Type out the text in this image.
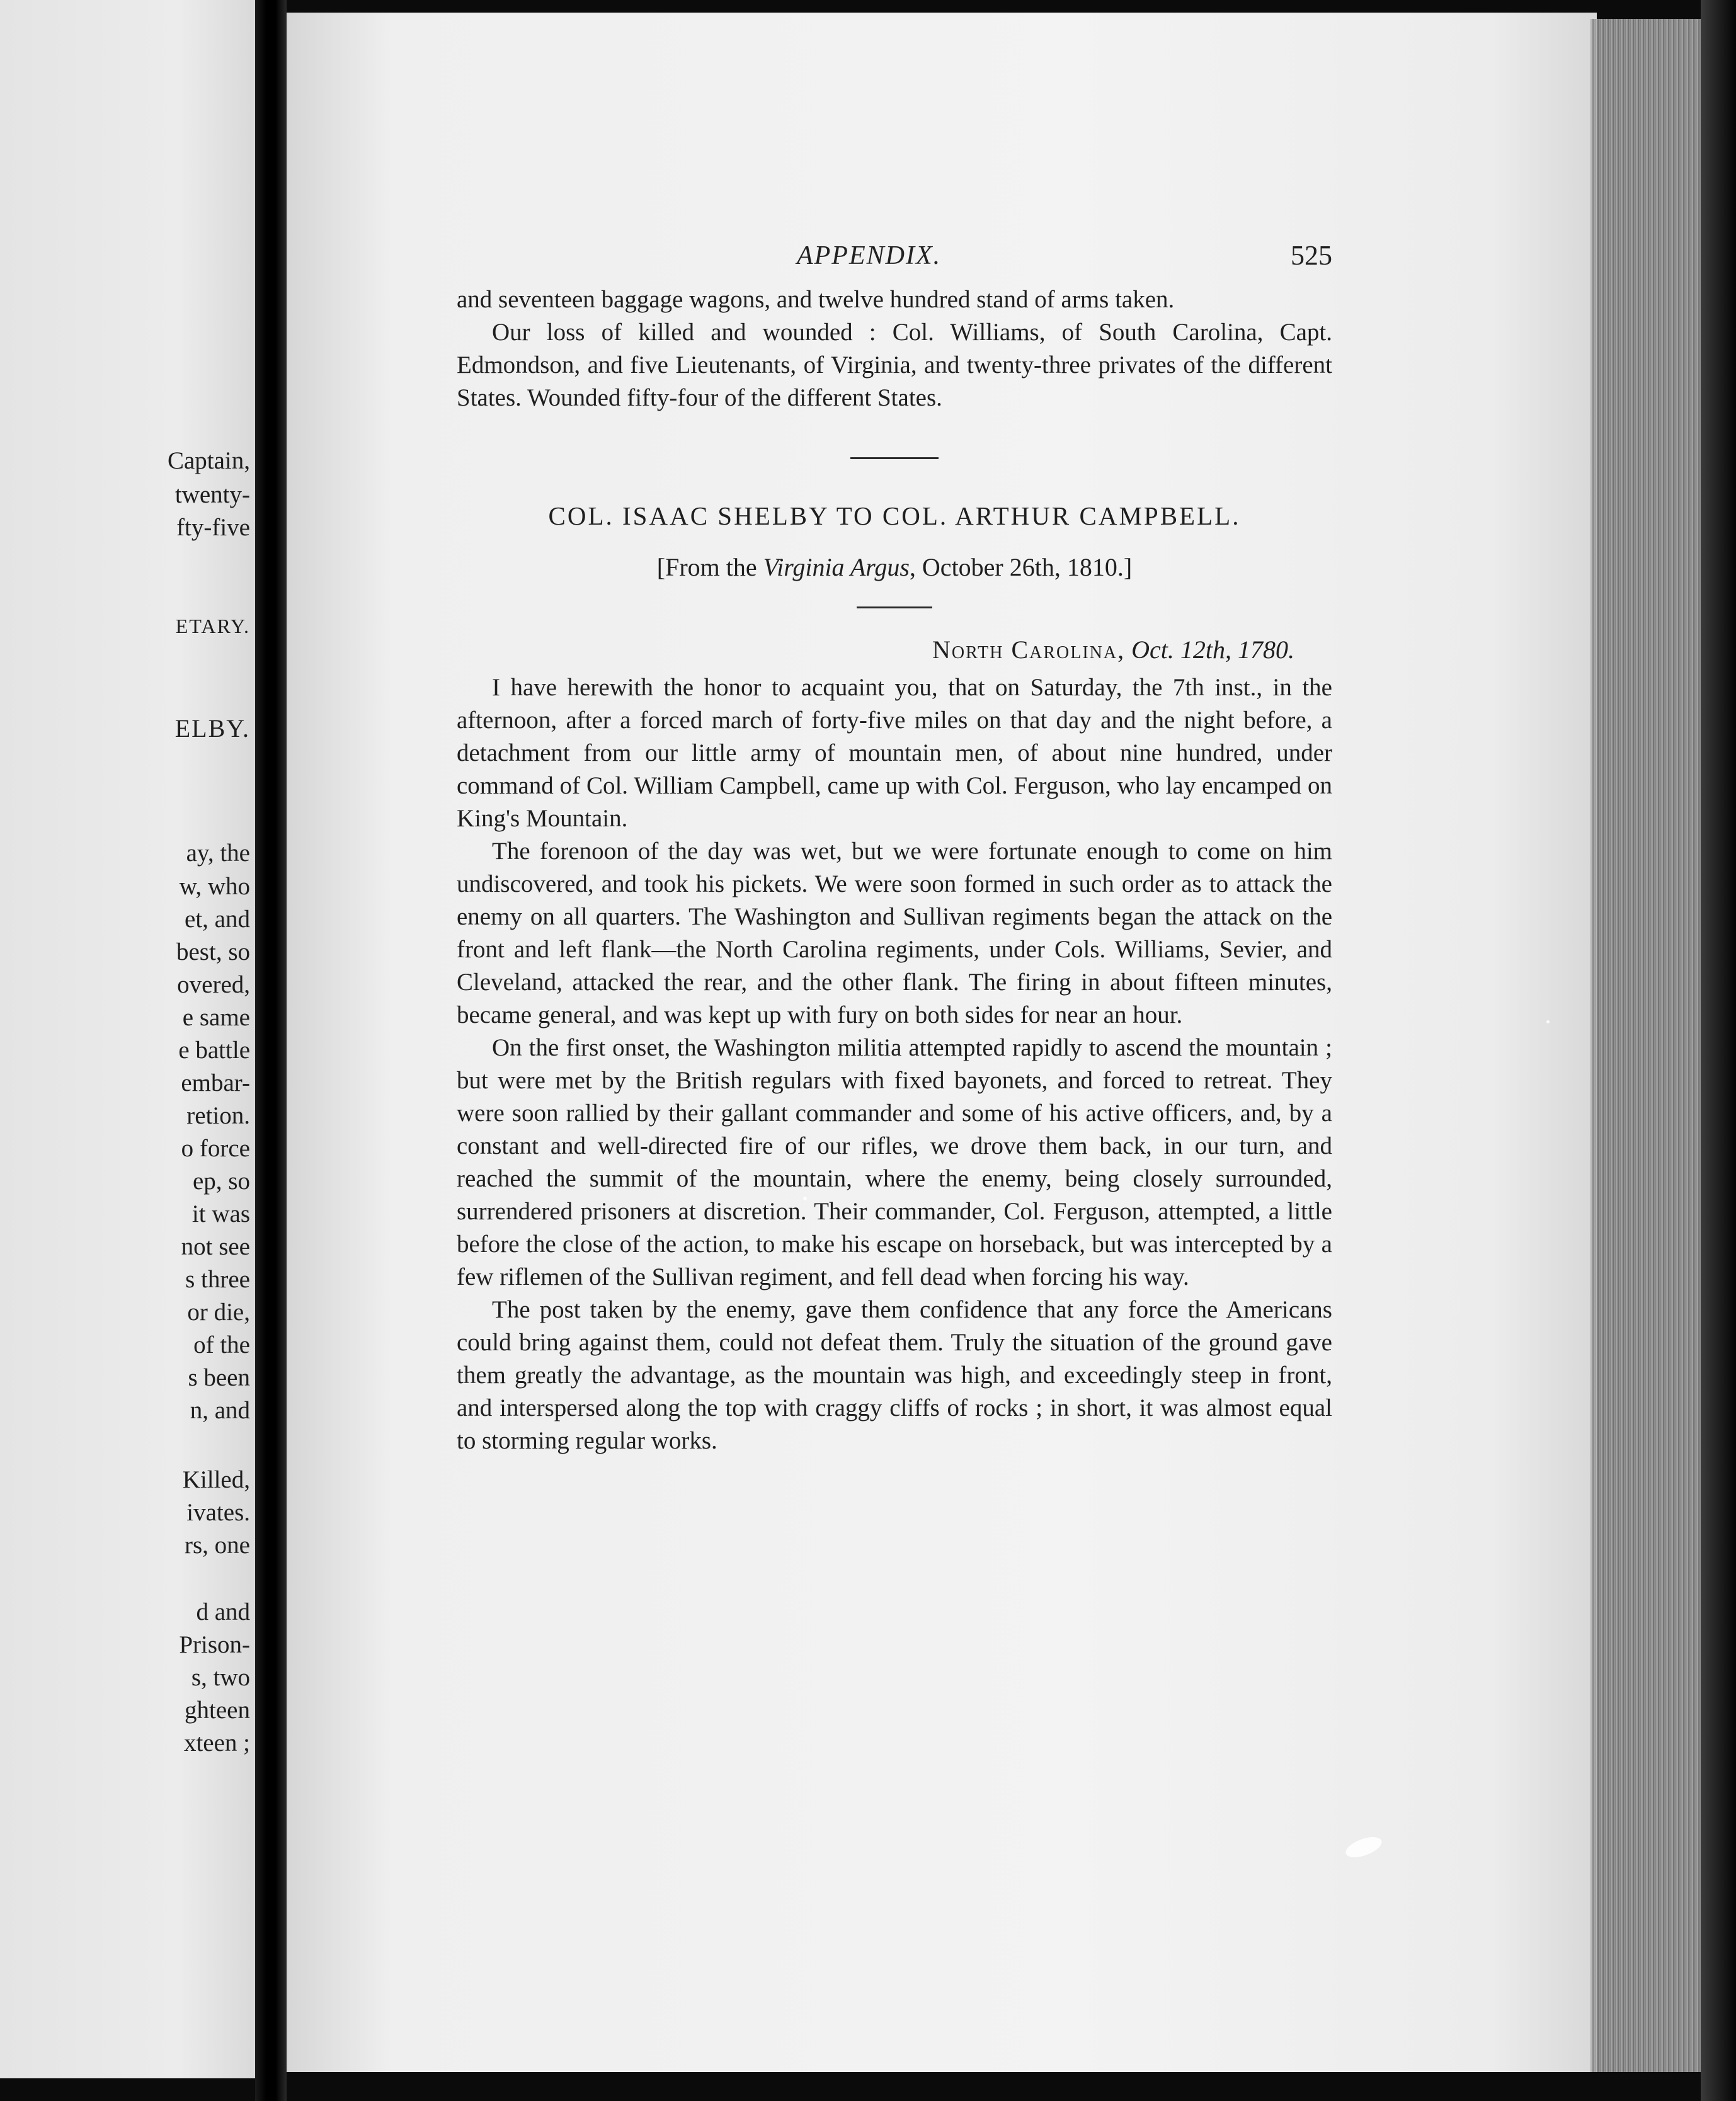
Captain,
twenty-
fty-five
ETARY.
ELBY.
ay, the
w, who
et, and
best, so
overed,
e same
e battle
embar-
retion.
o force
ep, so
it was
not see
s three
or die,
of the
s been
n, and
Killed,
ivates.
rs, one
d and
Prison-
s, two
ghteen
xteen ;
APPENDIX.	525

and seventeen baggage wagons, and twelve hundred stand of arms taken.

Our loss of killed and wounded : Col. Williams, of South Carolina, Capt. Edmondson, and five Lieutenants, of Virginia, and twenty-three privates of the different States. Wounded fifty-four of the different States.

COL. ISAAC SHELBY TO COL. ARTHUR CAMPBELL.
[From the Virginia Argus, October 26th, 1810.]
North Carolina, Oct. 12th, 1780.

I have herewith the honor to acquaint you, that on Saturday, the 7th inst., in the afternoon, after a forced march of forty-five miles on that day and the night before, a detachment from our little army of mountain men, of about nine hundred, under command of Col. William Campbell, came up with Col. Ferguson, who lay encamped on King's Mountain.

The forenoon of the day was wet, but we were fortunate enough to come on him undiscovered, and took his pickets. We were soon formed in such order as to attack the enemy on all quarters. The Washington and Sullivan regiments began the attack on the front and left flank—the North Carolina regiments, under Cols. Williams, Sevier, and Cleveland, attacked the rear, and the other flank. The firing in about fifteen minutes, became general, and was kept up with fury on both sides for near an hour.

On the first onset, the Washington militia attempted rapidly to ascend the mountain ; but were met by the British regulars with fixed bayonets, and forced to retreat. They were soon rallied by their gallant commander and some of his active officers, and, by a constant and well-directed fire of our rifles, we drove them back, in our turn, and reached the summit of the mountain, where the enemy, being closely surrounded, surrendered prisoners at discretion. Their commander, Col. Ferguson, attempted, a little before the close of the action, to make his escape on horseback, but was intercepted by a few riflemen of the Sullivan regiment, and fell dead when forcing his way.

The post taken by the enemy, gave them confidence that any force the Americans could bring against them, could not defeat them. Truly the situation of the ground gave them greatly the advantage, as the mountain was high, and exceedingly steep in front, and interspersed along the top with craggy cliffs of rocks ; in short, it was almost equal to storming regular works.
